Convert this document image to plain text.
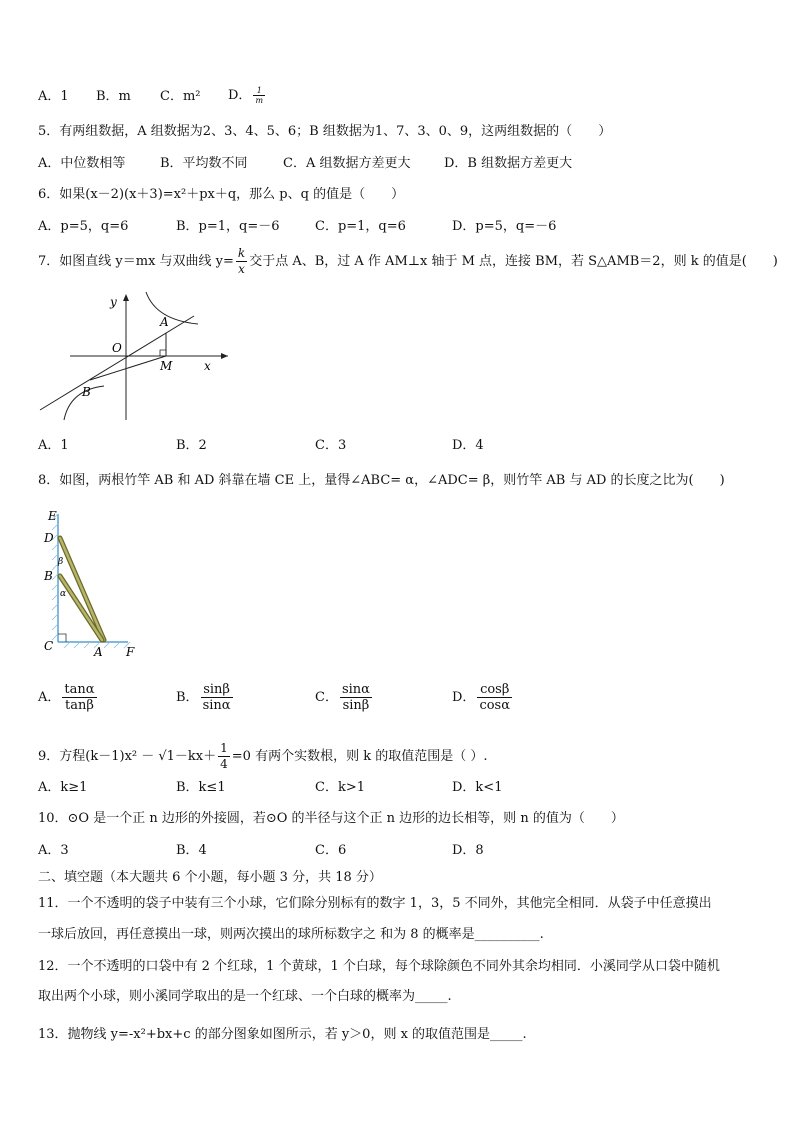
A．1 B．m C．m² D． $\frac{1}{m}$
5．有两组数据，A 组数据为2、3、4、5、6；B 组数据为1、7、3、0、9，这两组数据的（　　）
A．中位数相等	B．平均数不同	C．A 组数据方差更大	D．B 组数据方差更大
6．如果(x－2)(x＋3)=x²＋px＋q，那么 p、q 的值是（　　）
A．p=5，q=6	B．p=1，q=－6	C．p=1，q=6	D．p=5，q=－6
7．如图直线 y＝mx 与双曲线 $y= \frac{k}{x}$ 交于点 A、B，过 A 作 AM⊥x 轴于 M 点，连接 BM，若 S△AMB＝2，则 k 的值是(　　)
y
x
O
A
B
M
A．1	B．2	C．3	D．4
8．如图，两根竹竿 AB 和 AD 斜靠在墙 CE 上，量得∠ABC= α，∠ADC= β，则竹竿 AB 与 AD 的长度之比为(　　)
E
D
B
C	A F
β
α
A． $\frac{\tan\alpha}{\tan\beta}$	B． $\frac{\sin\beta}{\sin\alpha}$	C． $\frac{\sin\alpha}{\sin\beta}$	D． $\frac{\cos\beta}{\cos\alpha}$
9．方程$(k-1)x^2 - √1-kx+ \frac{1}{4} =0$ 有两个实数根，则 k 的取值范围是（ ）.
A．k≥1	B．k≤1	C．k>1	D．k<1
10．⊙O 是一个正 n 边形的外接圆，若⊙O 的半径与这个正 n 边形的边长相等，则 n 的值为（　　）
A．3	B．4	C．6	D．8
二、填空题（本大题共 6 个小题，每小题 3 分，共 18 分）
11．一个不透明的袋子中装有三个小球，它们除分别标有的数字 1，3，5 不同外，其他完全相同．从袋子中任意摸出
一球后放回，再任意摸出一球，则两次摸出的球所标数字之 和为 8 的概率是__________.
12．一个不透明的口袋中有 2 个红球，1 个黄球，1 个白球，每个球除颜色不同外其余均相同．小溪同学从口袋中随机
取出两个小球，则小溪同学取出的是一个红球、一个白球的概率为_____.
13．抛物线 y=-x²+bx+c 的部分图象如图所示，若 y＞0，则 x 的取值范围是_____.
